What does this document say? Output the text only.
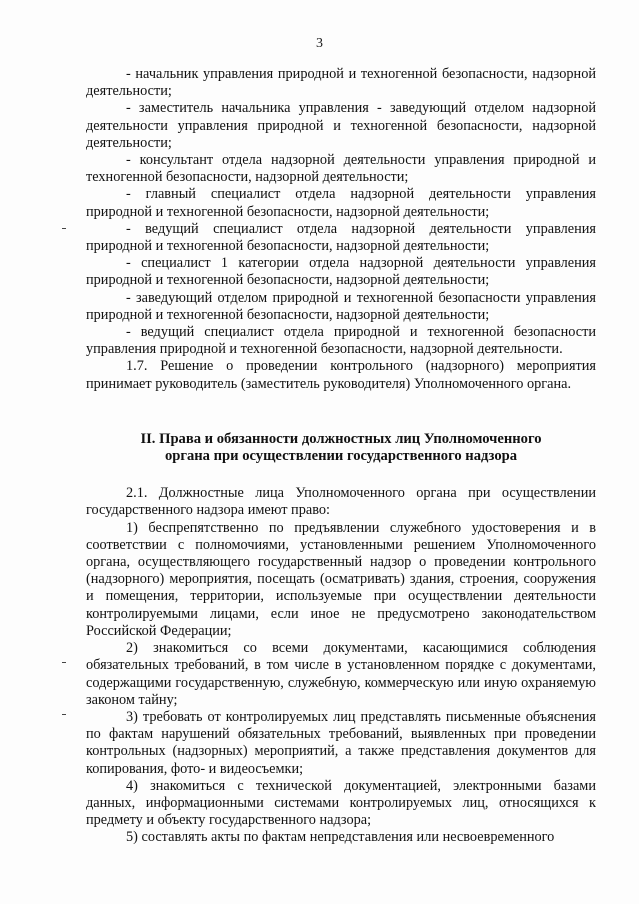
3

- начальник управления природной и техногенной безопасности, надзорной деятельности;

- заместитель начальника управления - заведующий отделом надзорной деятельности управления природной и техногенной безопасности, надзорной деятельности;

- консультант отдела надзорной деятельности управления природной и техногенной безопасности, надзорной деятельности;

- главный специалист отдела надзорной деятельности управления природной и техногенной безопасности, надзорной деятельности;

- ведущий специалист отдела надзорной деятельности управления природной и техногенной безопасности, надзорной деятельности;

- специалист 1 категории отдела надзорной деятельности управления природной и техногенной безопасности, надзорной деятельности;

- заведующий отделом природной и техногенной безопасности управления природной и техногенной безопасности, надзорной деятельности;

- ведущий специалист отдела природной и техногенной безопасности управления природной и техногенной безопасности, надзорной деятельности.

1.7. Решение о проведении контрольного (надзорного) мероприятия принимает руководитель (заместитель руководителя) Уполномоченного органа.

II. Права и обязанности должностных лиц Уполномоченного
органа при осуществлении государственного надзора

2.1. Должностные лица Уполномоченного органа при осуществлении государственного надзора имеют право:

1) беспрепятственно по предъявлении служебного удостоверения и в соответствии с полномочиями, установленными решением Уполномоченного органа, осуществляющего государственный надзор о проведении контрольного (надзорного) мероприятия, посещать (осматривать) здания, строения, сооружения и помещения, территории, используемые при осуществлении деятельности контролируемыми лицами, если иное не предусмотрено законодательством Российской Федерации;

2) знакомиться со всеми документами, касающимися соблюдения обязательных требований, в том числе в установленном порядке с документами, содержащими государственную, служебную, коммерческую или иную охраняемую законом тайну;

3) требовать от контролируемых лиц представлять письменные объяснения по фактам нарушений обязательных требований, выявленных при проведении контрольных (надзорных) мероприятий, а также представления документов для копирования, фото- и видеосъемки;

4) знакомиться с технической документацией, электронными базами данных, информационными системами контролируемых лиц, относящихся к предмету и объекту государственного надзора;

5) составлять акты по фактам непредставления или несвоевременного
